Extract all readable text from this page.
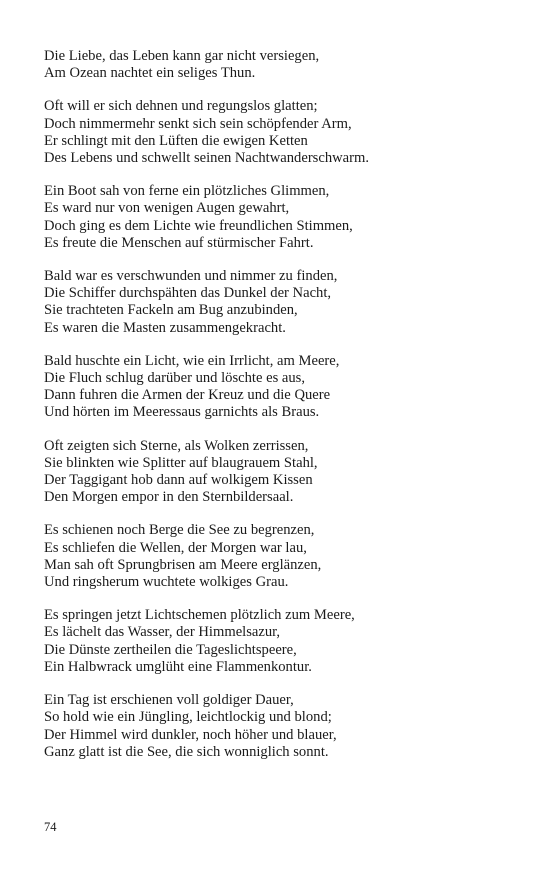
Die Liebe, das Leben kann gar nicht versiegen,
Am Ozean nachtet ein seliges Thun.
Oft will er sich dehnen und regungslos glatten;
Doch nimmermehr senkt sich sein schöpfender Arm,
Er schlingt mit den Lüften die ewigen Ketten
Des Lebens und schwellt seinen Nachtwanderschwarm.
Ein Boot sah von ferne ein plötzliches Glimmen,
Es ward nur von wenigen Augen gewahrt,
Doch ging es dem Lichte wie freundlichen Stimmen,
Es freute die Menschen auf stürmischer Fahrt.
Bald war es verschwunden und nimmer zu finden,
Die Schiffer durchspähten das Dunkel der Nacht,
Sie trachteten Fackeln am Bug anzubinden,
Es waren die Masten zusammengekracht.
Bald huschte ein Licht, wie ein Irrlicht, am Meere,
Die Fluch schlug darüber und löschte es aus,
Dann fuhren die Armen der Kreuz und die Quere
Und hörten im Meeressaus garnichts als Braus.
Oft zeigten sich Sterne, als Wolken zerrissen,
Sie blinkten wie Splitter auf blaugrauem Stahl,
Der Taggigant hob dann auf wolkigem Kissen
Den Morgen empor in den Sternbildersaal.
Es schienen noch Berge die See zu begrenzen,
Es schliefen die Wellen, der Morgen war lau,
Man sah oft Sprungbrisen am Meere erglänzen,
Und ringsherum wuchtete wolkiges Grau.
Es springen jetzt Lichtschemen plötzlich zum Meere,
Es lächelt das Wasser, der Himmelsazur,
Die Dünste zertheilen die Tageslichtspeere,
Ein Halbwrack umglüht eine Flammenkontur.
Ein Tag ist erschienen voll goldiger Dauer,
So hold wie ein Jüngling, leichtlockig und blond;
Der Himmel wird dunkler, noch höher und blauer,
Ganz glatt ist die See, die sich wonniglich sonnt.
74
